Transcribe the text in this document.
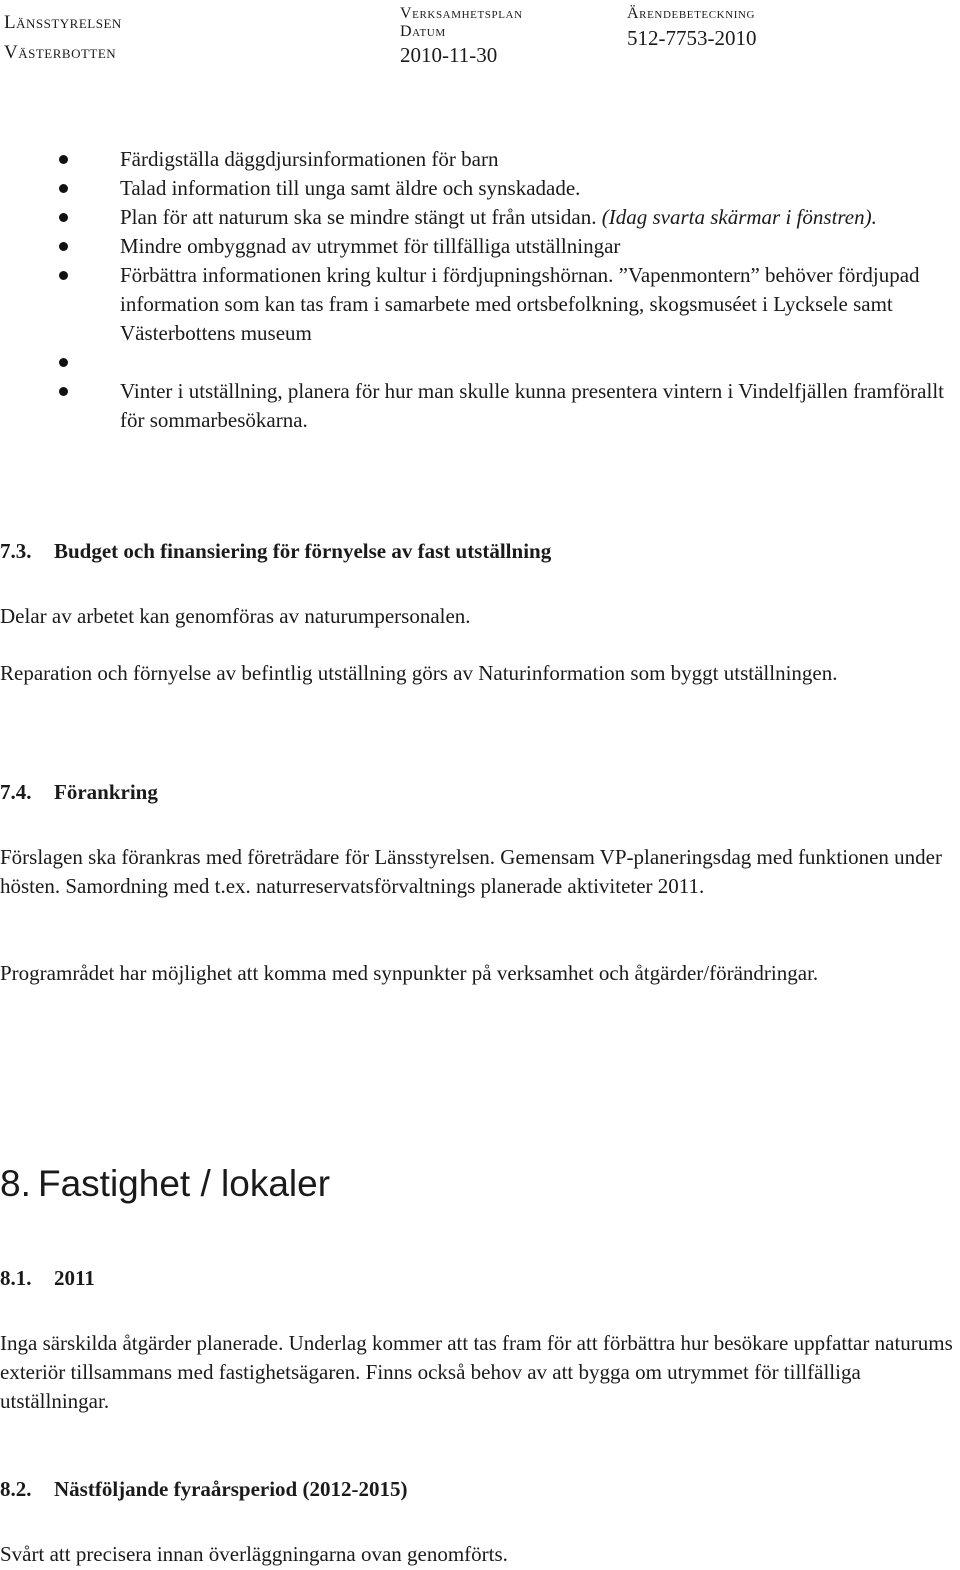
Länsstyrelsen
Västerbotten
Verksamhetsplan
Datum
2010-11-30
Ärendebeteckning
512-7753-2010
Färdigställa däggdjursinformationen för barn
Talad information till unga samt äldre och synskadade.
Plan för att naturum ska se mindre stängt ut från utsidan. (Idag svarta skärmar i fönstren).
Mindre ombyggnad av utrymmet för tillfälliga utställningar
Förbättra informationen kring kultur i fördjupningshörnan. ”Vapenmontern” behöver fördjupad information som kan tas fram i samarbete med ortsbefolkning, skogsmuséet i Lycksele samt Västerbottens museum
Vinter i utställning, planera för hur man skulle kunna presentera vintern i Vindelfjällen framförallt för sommarbesökarna.
7.3. Budget och finansiering för förnyelse av fast utställning

Delar av arbetet kan genomföras av naturumpersonalen.

Reparation och förnyelse av befintlig utställning görs av Naturinformation som byggt utställningen.

7.4. Förankring

Förslagen ska förankras med företrädare för Länsstyrelsen. Gemensam VP-planeringsdag med funktionen under hösten. Samordning med t.ex. naturreservatsförvaltnings planerade aktiviteter 2011.

Programrådet har möjlighet att komma med synpunkter på verksamhet och åtgärder/förändringar.

8. Fastighet / lokaler
8.1. 2011

Inga särskilda åtgärder planerade. Underlag kommer att tas fram för att förbättra hur besökare uppfattar naturums exteriör tillsammans med fastighetsägaren. Finns också behov av att bygga om utrymmet för tillfälliga utställningar.

8.2. Nästföljande fyraårsperiod (2012-2015)

Svårt att precisera innan överläggningarna ovan genomförts.
